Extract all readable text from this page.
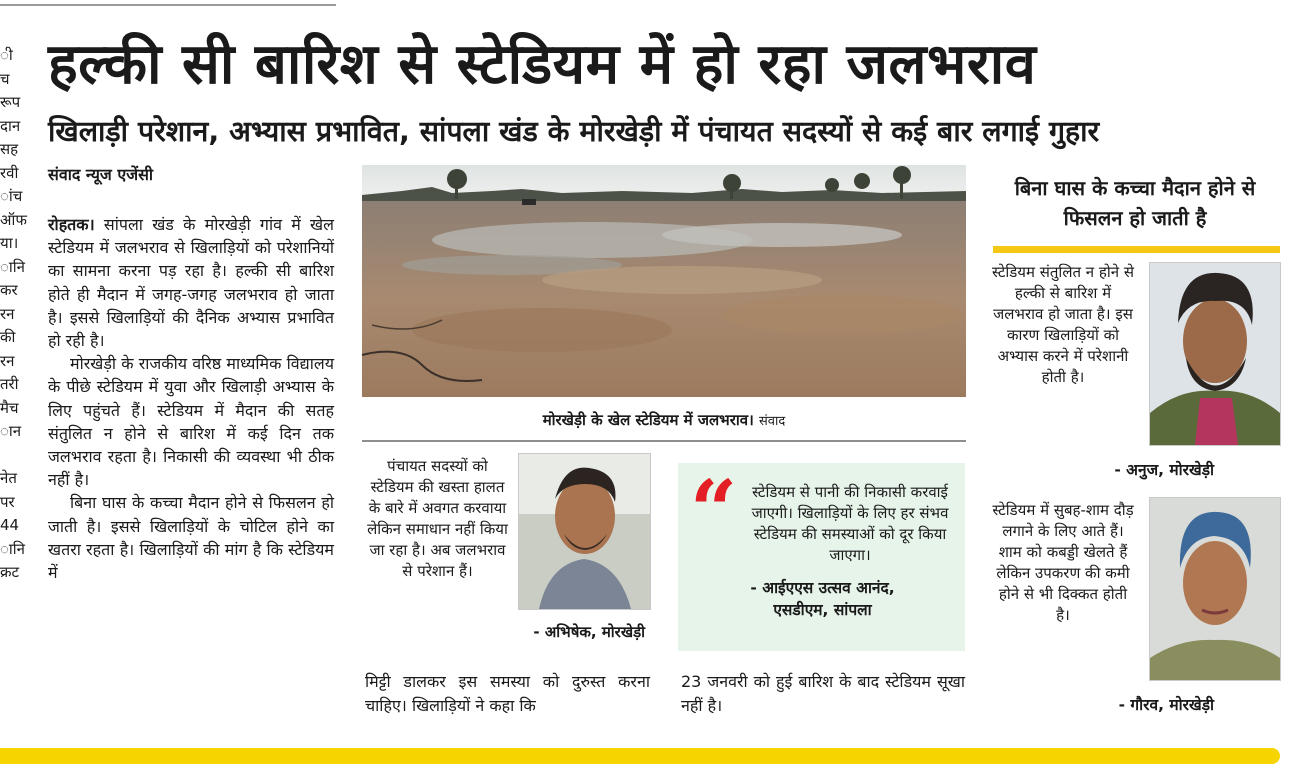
ी
च
रूप
दान
सह
रवी
ांच
ऑफ
या।
ानि
कर
रन
की
रन
तरी
मैच
ान
नेत
पर
44
ानि
क्रट
हल्की सी बारिश से स्टेडियम में हो रहा जलभराव
खिलाड़ी परेशान, अभ्यास प्रभावित, सांपला खंड के मोरखेड़ी में पंचायत सदस्यों से कई बार लगाई गुहार
संवाद न्यूज एजेंसी

रोहतक। सांपला खंड के मोरखेड़ी गांव में खेल स्टेडियम में जलभराव से खिलाड़ियों को परेशानियों का सामना करना पड़ रहा है। हल्की सी बारिश होते ही मैदान में जगह-जगह जलभराव हो जाता है। इससे खिलाड़ियों की दैनिक अभ्यास प्रभावित हो रही है।

मोरखेड़ी के राजकीय वरिष्ठ माध्यमिक विद्यालय के पीछे स्टेडियम में युवा और खिलाड़ी अभ्यास के लिए पहुंचते हैं। स्टेडियम में मैदान की सतह संतुलित न होने से बारिश में कई दिन तक जलभराव रहता है। निकासी की व्यवस्था भी ठीक नहीं है।

बिना घास के कच्चा मैदान होने से फिसलन हो जाती है। इससे खिलाड़ियों के चोटिल होने का खतरा रहता है। खिलाड़ियों की मांग है कि स्टेडियम में

मोरखेड़ी के खेल स्टेडियम में जलभराव। संवाद
पंचायत सदस्यों को स्टेडियम की खस्ता हालत के बारे में अवगत करवाया लेकिन समाधान नहीं किया जा रहा है। अब जलभराव से परेशान हैं।
- अभिषेक, मोरखेड़ी
“ स्टेडियम से पानी की निकासी करवाई जाएगी। खिलाड़ियों के लिए हर संभव स्टेडियम की समस्याओं को दूर किया जाएगा।
- आईएएस उत्सव आनंद,
एसडीएम, सांपला
मिट्टी डालकर इस समस्या को दुरुस्त करना चाहिए। खिलाड़ियों ने कहा कि
23 जनवरी को हुई बारिश के बाद स्टेडियम सूखा नहीं है।
बिना घास के कच्चा मैदान होने से फिसलन हो जाती है
स्टेडियम संतुलित न होने से हल्की से बारिश में जलभराव हो जाता है। इस कारण खिलाड़ियों को अभ्यास करने में परेशानी होती है।
- अनुज, मोरखेड़ी
स्टेडियम में सुबह-शाम दौड़ लगाने के लिए आते हैं। शाम को कबड्डी खेलते हैं लेकिन उपकरण की कमी होने से भी दिक्कत होती है।
- गौरव, मोरखेड़ी
